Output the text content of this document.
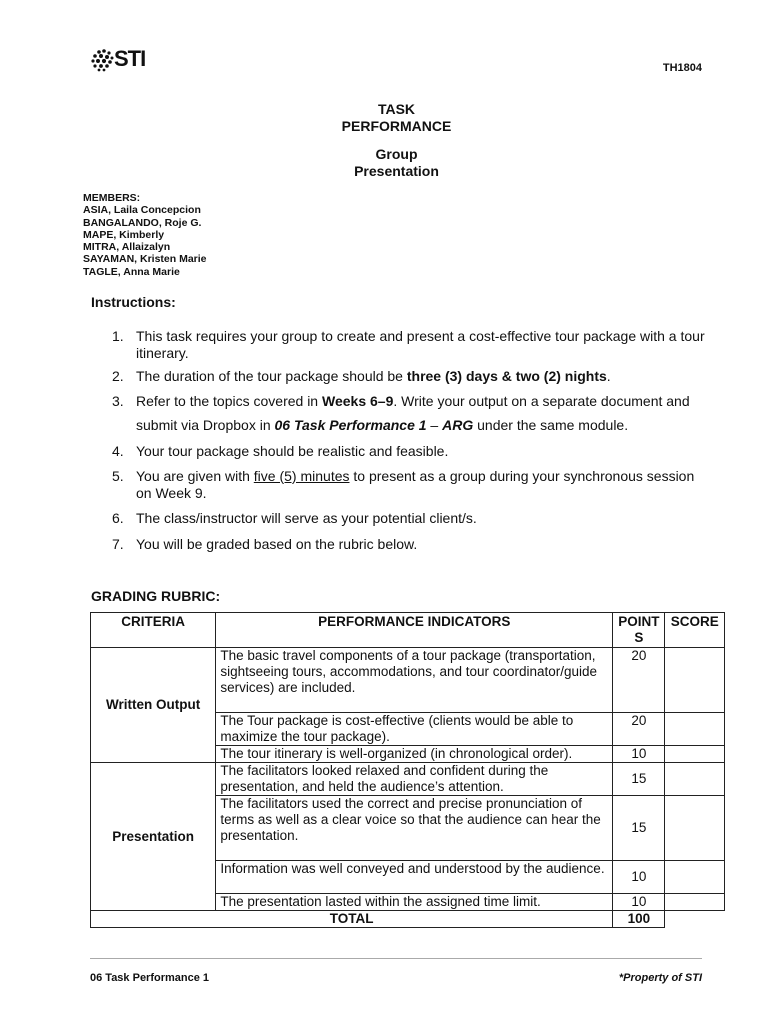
STI	TH1804
TASK
PERFORMANCE
Group
Presentation
MEMBERS:
ASIA, Laila Concepcion
BANGALANDO, Roje G.
MAPE, Kimberly
MITRA, Allaizalyn
SAYAMAN, Kristen Marie
TAGLE, Anna Marie
Instructions:
1. This task requires your group to create and present a cost-effective tour package with a tour itinerary.
2. The duration of the tour package should be three (3) days & two (2) nights.
3. Refer to the topics covered in Weeks 6–9. Write your output on a separate document and
submit via Dropbox in 06 Task Performance 1 – ARG under the same module.
4. Your tour package should be realistic and feasible.
5. You are given with five (5) minutes to present as a group during your synchronous session on Week 9.
6. The class/instructor will serve as your potential client/s.
7. You will be graded based on the rubric below.
GRADING RUBRIC:
CRITERIA	PERFORMANCE INDICATORS	POINT S	SCORE
Written Output	The basic travel components of a tour package (transportation, sightseeing tours, accommodations, and tour coordinator/guide services) are included.	20	
	The Tour package is cost-effective (clients would be able to maximize the tour package).	20	
	The tour itinerary is well-organized (in chronological order).	10	
Presentation	The facilitators looked relaxed and confident during the presentation, and held the audience’s attention.	15	
	The facilitators used the correct and precise pronunciation of terms as well as a clear voice so that the audience can hear the presentation.	15	
	Information was well conveyed and understood by the audience.	10	
	The presentation lasted within the assigned time limit.	10	
TOTAL		100	
06 Task Performance 1	*Property of STI
